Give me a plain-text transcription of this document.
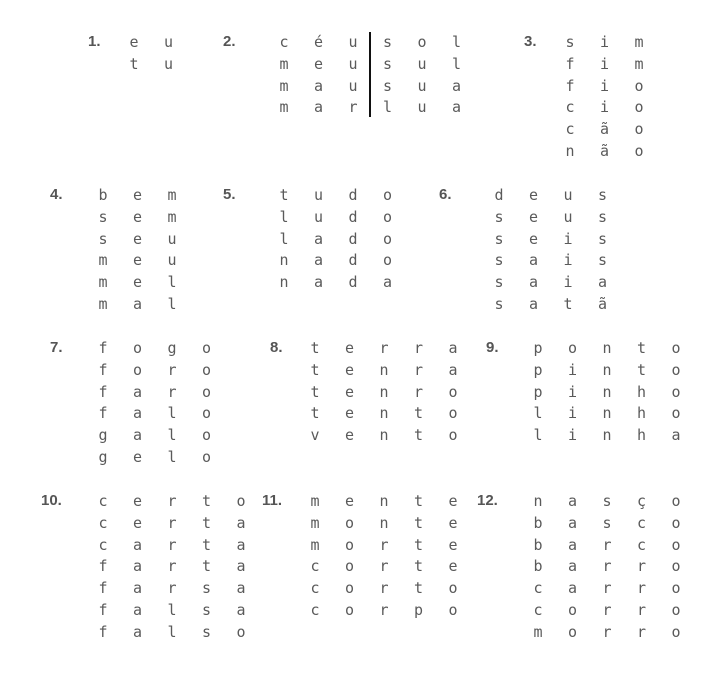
1.	e	u
t	u
2.	c	é	u	s	o	l
m	e	u	s	u	l
m	a	u	s	u	a
m	a	r	l	u	a
3.	s	i	m
f	i	m
f	i	o
c	i	o
c	ã	o
n	ã	o
4.	b	e	m
s	e	m
s	e	u
m	e	u
m	e	l
m	a	l
5.	t	u	d	o
l	u	d	o
l	a	d	o
n	a	d	o
n	a	d	a
6.	d	e	u	s
s	e	u	s
s	e	i	s
s	a	i	s
s	a	i	a
s	a	t	ã
7.	f	o	g	o
f	o	r	o
f	a	r	o
f	a	l	o
g	a	l	o
g	e	l	o
8.	t	e	r	r	a
t	e	n	r	a
t	e	n	r	o
t	e	n	t	o
v	e	n	t	o
9.	p	o	n	t	o
p	i	n	t	o
p	i	n	h	o
l	i	n	h	o
l	i	n	h	a
10.	c	e	r	t	o
c	e	r	t	a
c	a	r	t	a
f	a	r	t	a
f	a	r	s	a
f	a	l	s	a
f	a	l	s	o
11.	m	e	n	t	e
m	o	n	t	e
m	o	r	t	e
c	o	r	t	e
c	o	r	t	o
c	o	r	p	o
12.	n	a	s	ç	o
b	a	s	c	o
b	a	r	c	o
b	a	r	r	o
c	a	r	r	o
c	o	r	r	o
m	o	r	r	o
